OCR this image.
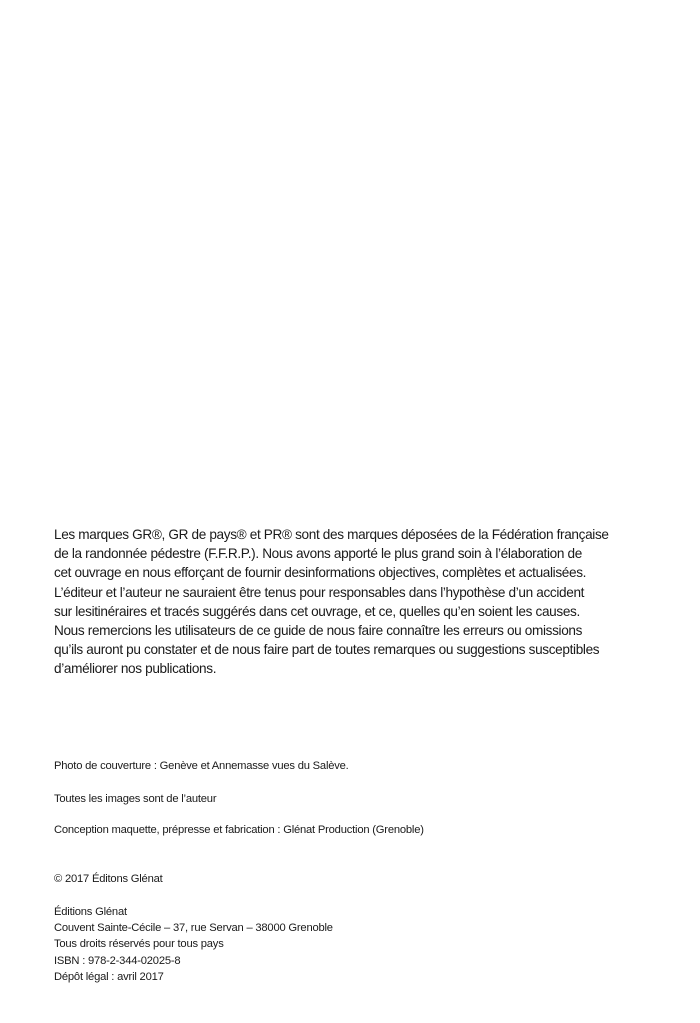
Les marques GR®, GR de pays® et PR® sont des marques déposées de la Fédération française
de la randonnée pédestre (F.F.R.P.). Nous avons apporté le plus grand soin à l’élaboration de
cet ouvrage en nous efforçant de fournir desinformations objectives, complètes et actualisées.
L’éditeur et l’auteur ne sauraient être tenus pour responsables dans l’hypothèse d’un accident
sur lesitinéraires et tracés suggérés dans cet ouvrage, et ce, quelles qu’en soient les causes.
Nous remercions les utilisateurs de ce guide de nous faire connaître les erreurs ou omissions
qu’ils auront pu constater et de nous faire part de toutes remarques ou suggestions susceptibles
d’améliorer nos publications.

Photo de couverture : Genève et Annemasse vues du Salève.

Toutes les images sont de l’auteur

Conception maquette, prépresse et fabrication : Glénat Production (Grenoble)

© 2017 Éditons Glénat

Éditions Glénat
Couvent Sainte-Cécile – 37, rue Servan – 38000 Grenoble
Tous droits réservés pour tous pays
ISBN : 978-2-344-02025-8
Dépôt légal : avril 2017
